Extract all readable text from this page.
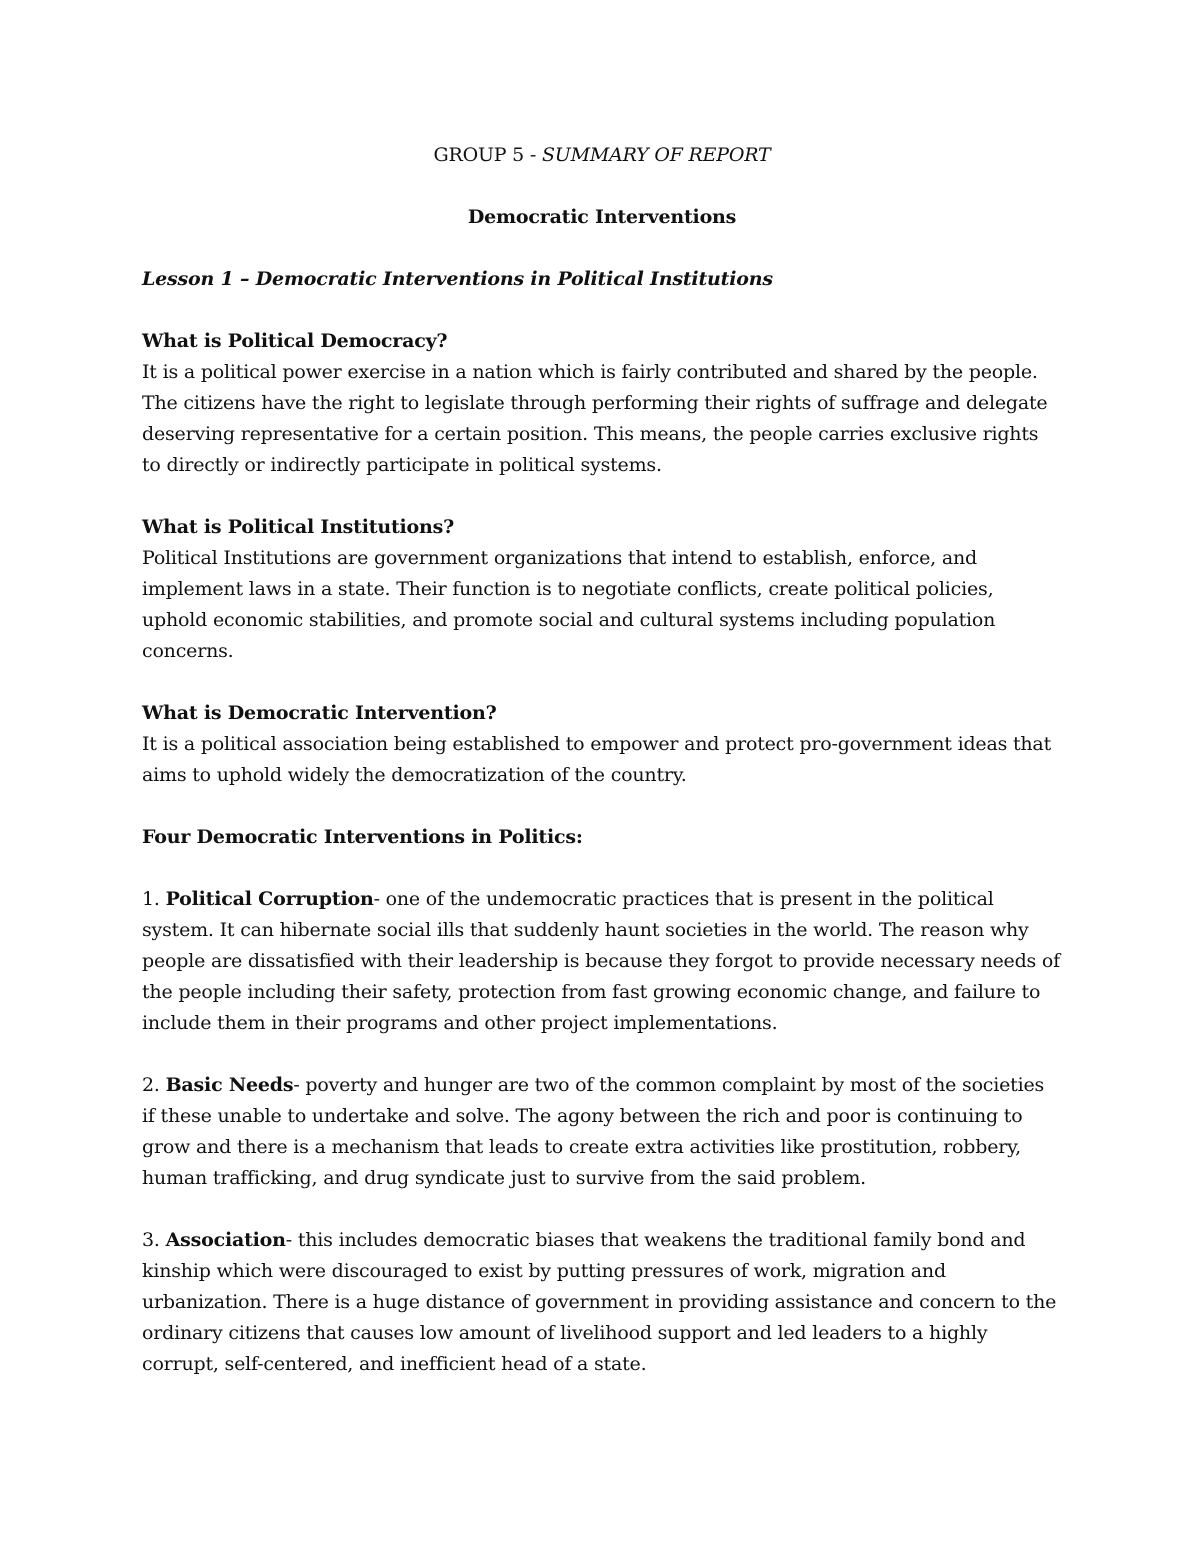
GROUP 5 - SUMMARY OF REPORT
Democratic Interventions
Lesson 1 – Democratic Interventions in Political Institutions
What is Political Democracy?

It is a political power exercise in a nation which is fairly contributed and shared by the people. The citizens have the right to legislate through performing their rights of suffrage and delegate deserving representative for a certain position. This means, the people carries exclusive rights to directly or indirectly participate in political systems.

What is Political Institutions?

Political Institutions are government organizations that intend to establish, enforce, and implement laws in a state. Their function is to negotiate conflicts, create political policies, uphold economic stabilities, and promote social and cultural systems including population concerns.

What is Democratic Intervention?

It is a political association being established to empower and protect pro-government ideas that aims to uphold widely the democratization of the country.

Four Democratic Interventions in Politics:

1. Political Corruption- one of the undemocratic practices that is present in the political system. It can hibernate social ills that suddenly haunt societies in the world. The reason why people are dissatisfied with their leadership is because they forgot to provide necessary needs of the people including their safety, protection from fast growing economic change, and failure to include them in their programs and other project implementations.

2. Basic Needs- poverty and hunger are two of the common complaint by most of the societies if these unable to undertake and solve. The agony between the rich and poor is continuing to grow and there is a mechanism that leads to create extra activities like prostitution, robbery, human trafficking, and drug syndicate just to survive from the said problem.

3. Association- this includes democratic biases that weakens the traditional family bond and kinship which were discouraged to exist by putting pressures of work, migration and urbanization. There is a huge distance of government in providing assistance and concern to the ordinary citizens that causes low amount of livelihood support and led leaders to a highly corrupt, self-centered, and inefficient head of a state.
